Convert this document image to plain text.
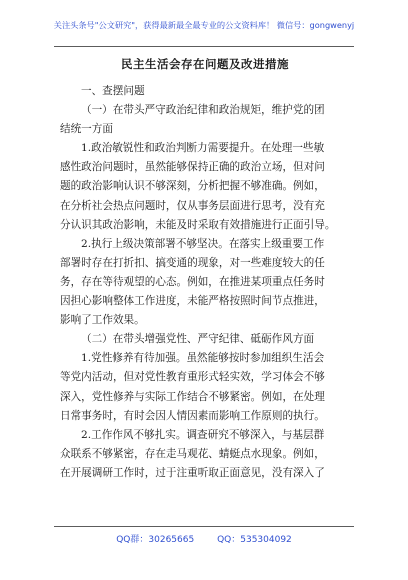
关注头条号"公文研究"，获得最新最全最专业的公文资料库！ 微信号：gongwenyj
民主生活会存在问题及改进措施
一、查摆问题
（一）在带头严守政治纪律和政治规矩，维护党的团
结统一方面
1.政治敏锐性和政治判断力需要提升。在处理一些敏
感性政治问题时，虽然能够保持正确的政治立场，但对问
题的政治影响认识不够深刻，分析把握不够准确。例如，
在分析社会热点问题时，仅从事务层面进行思考，没有充
分认识其政治影响，未能及时采取有效措施进行正面引导。
2.执行上级决策部署不够坚决。在落实上级重要工作
部署时存在打折扣、搞变通的现象，对一些难度较大的任
务，存在等待观望的心态。例如，在推进某项重点任务时
因担心影响整体工作进度，未能严格按照时间节点推进，
影响了工作效果。
（二）在带头增强党性、严守纪律、砥砺作风方面
1.党性修养有待加强。虽然能够按时参加组织生活会
等党内活动，但对党性教育重形式轻实效，学习体会不够
深入，党性修养与实际工作结合不够紧密。例如，在处理
日常事务时，有时会因人情因素而影响工作原则的执行。
2.工作作风不够扎实。调查研究不够深入，与基层群
众联系不够紧密，存在走马观花、蜻蜓点水现象。例如，
在开展调研工作时，过于注重听取正面意见，没有深入了
QQ群：30265665	QQ：535304092
